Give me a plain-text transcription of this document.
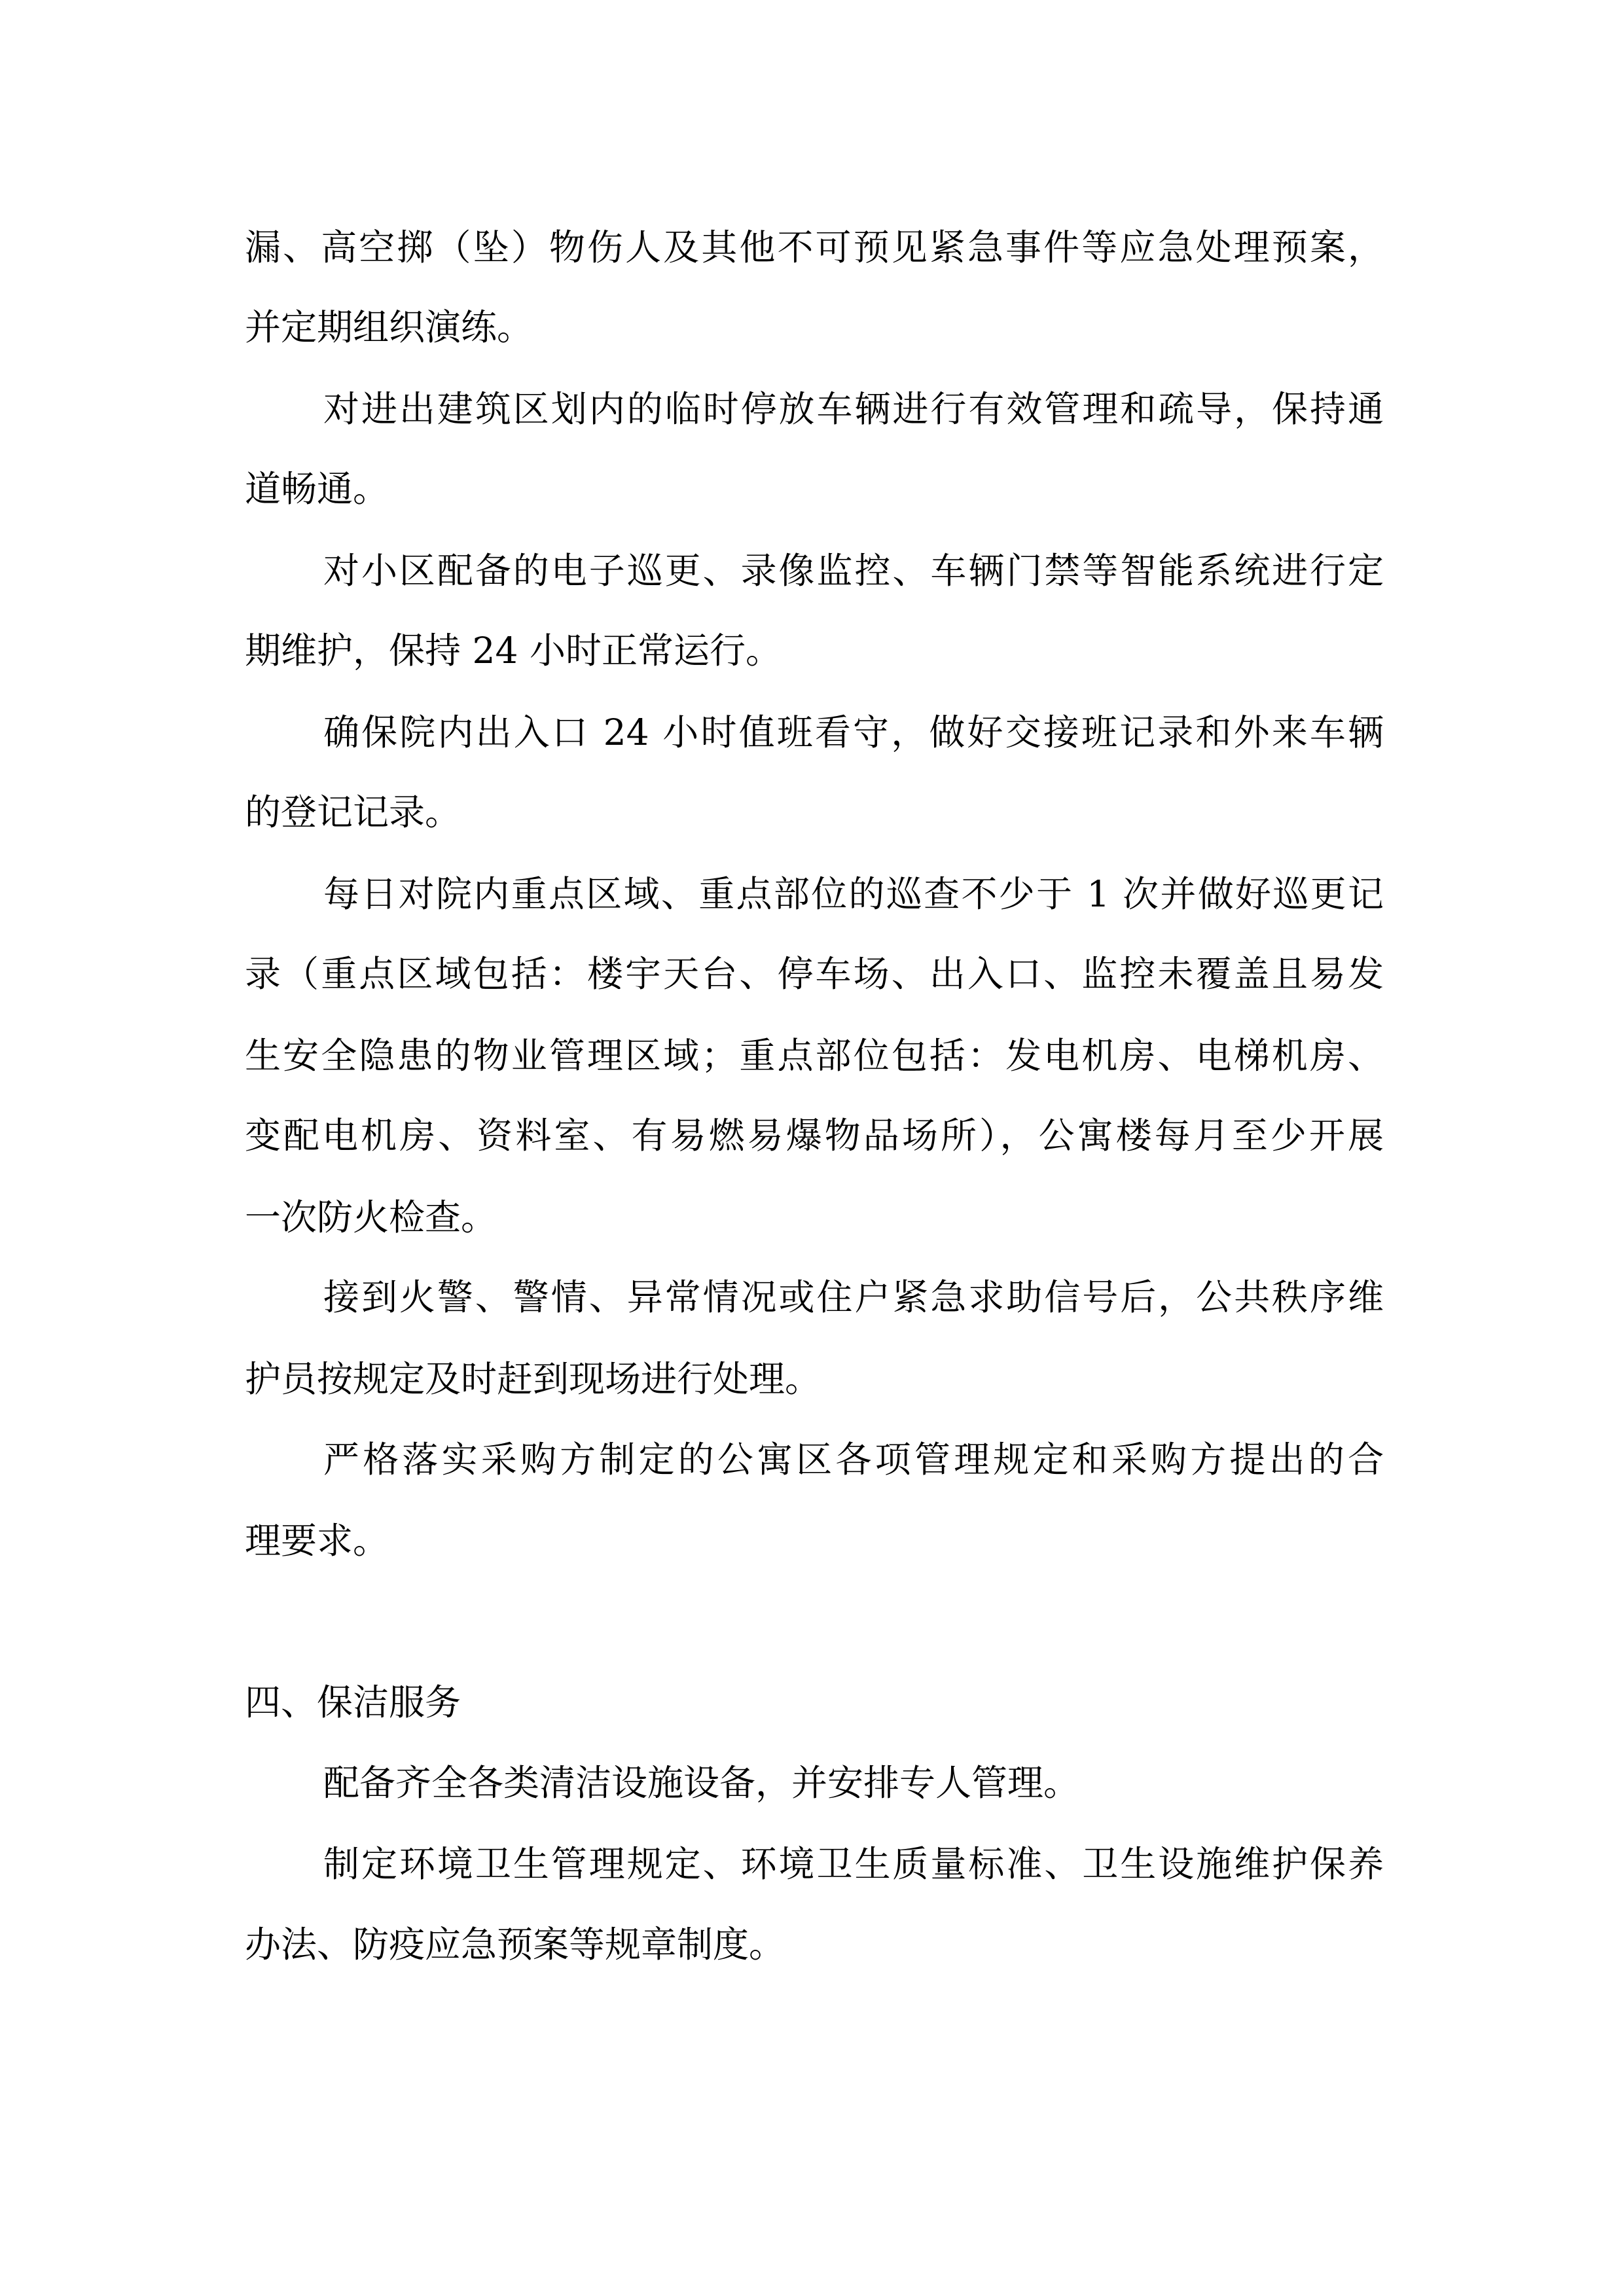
漏、高空掷（坠）物伤人及其他不可预见紧急事件等应急处理预案，

并定期组织演练。

对进出建筑区划内的临时停放车辆进行有效管理和疏导，保持通

道畅通。

对小区配备的电子巡更、录像监控、车辆门禁等智能系统进行定

期维护，保持 24 小时正常运行。

确保院内出入口 24 小时值班看守，做好交接班记录和外来车辆

的登记记录。

每日对院内重点区域、重点部位的巡查不少于 1 次并做好巡更记

录（重点区域包括：楼宇天台、停车场、出入口、监控未覆盖且易发

生安全隐患的物业管理区域；重点部位包括：发电机房、电梯机房、

变配电机房、资料室、有易燃易爆物品场所），公寓楼每月至少开展

一次防火检查。

接到火警、警情、异常情况或住户紧急求助信号后，公共秩序维

护员按规定及时赶到现场进行处理。

严格落实采购方制定的公寓区各项管理规定和采购方提出的合

理要求。

四、保洁服务

配备齐全各类清洁设施设备，并安排专人管理。

制定环境卫生管理规定、环境卫生质量标准、卫生设施维护保养

办法、防疫应急预案等规章制度。
